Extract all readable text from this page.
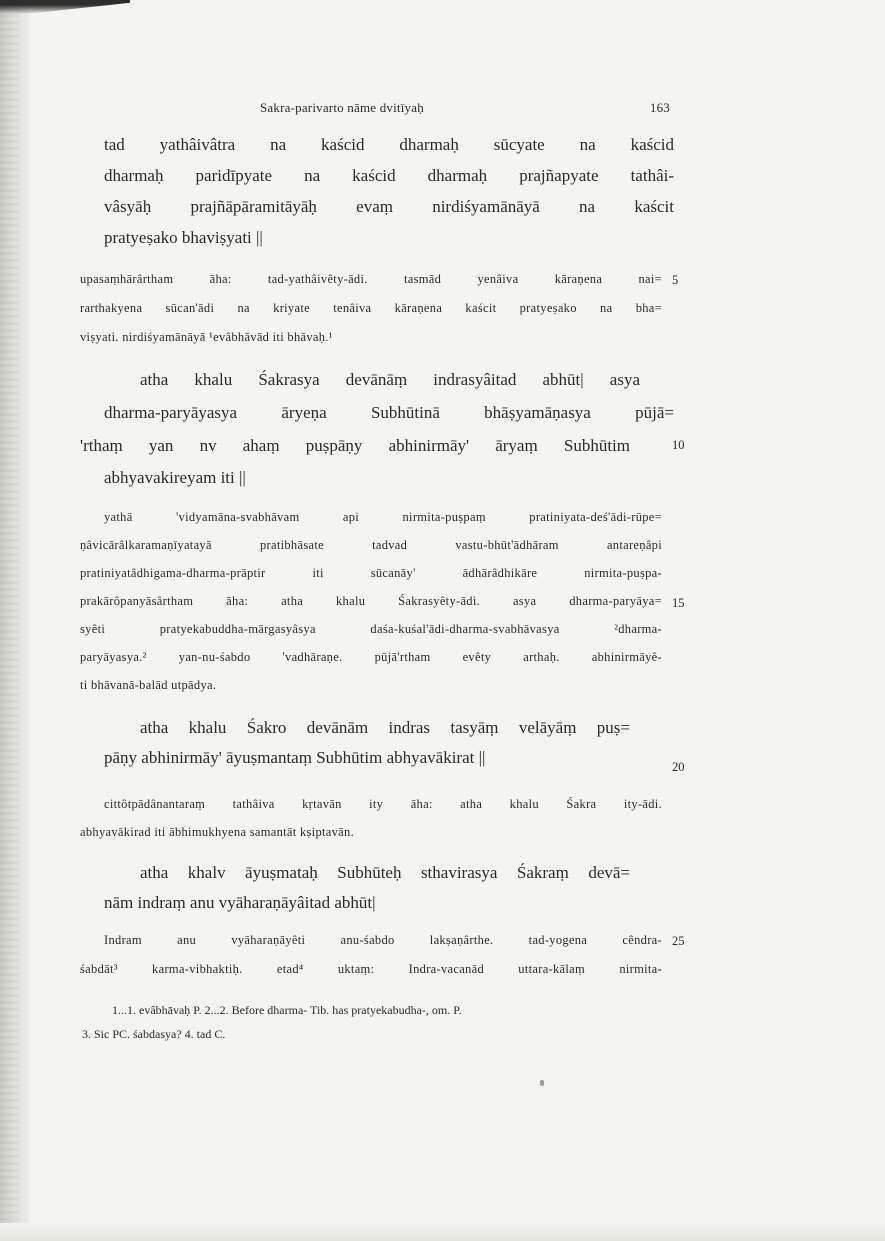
Sakra-parivarto nāme dvitīyaḥ	163
tad yathâivâtra na kaścid dharmaḥ sūcyate na kaścid
dharmaḥ paridīpyate na kaścid dharmaḥ prajñapyate tathâi-
vâsyāḥ prajñāpāramitāyāḥ evaṃ nirdiśyamānāyā na kaścit
pratyeṣako bhaviṣyati ||
upasaṃhārârtham āha: tad-yathâivêty-ādi. tasmād yenâiva kāraṇena nai=
rarthakyena sūcan'ādi na kriyate tenâiva kāraṇena kaścit pratyeṣako na bha=
viṣyati. nirdiśyamānāyā ¹evâbhāvād iti bhāvaḥ.¹
5
atha khalu Śakrasya devānāṃ indrasyâitad abhūt| asya
dharma-paryāyasya āryeṇa Subhūtinā bhāṣyamāṇasya pūjā=
'rthaṃ yan nv ahaṃ puṣpāṇy abhinirmāy' āryaṃ Subhūtim
abhyavakireyam iti ||
10
yathā 'vidyamāna-svabhāvam api nirmita-puṣpaṃ pratiniyata-deś'ādi-rūpe=
ṇâvicārâlkaramaṇīyatayā pratibhāsate tadvad vastu-bhūt'ādhāram antareṇâpi
pratiniyatâdhigama-dharma-prāptir iti sūcanāy' ādhārâdhikāre nirmita-puṣpa-
prakārôpanyāsârtham āha: atha khalu Śakrasyêty-ādi. asya dharma-paryāya=
syêti pratyekabuddha-mārgasyâsya daśa-kuśal'ādi-dharma-svabhāvasya ²dharma-
paryāyasya.² yan-nu-śabdo 'vadhāraṇe. pūjā'rtham evêty arthaḥ. abhinirmāyê-
ti bhāvanā-balād utpādya.
15
atha khalu Śakro devānām indras tasyāṃ velāyāṃ puṣ=
pāṇy abhinirmāy' āyuṣmantaṃ Subhūtim abhyavākirat ||	20
cittôtpādânantaraṃ tathâiva kṛtavān ity āha: atha khalu Śakra ity-ādi.
abhyavākirad iti ābhimukhyena samantāt kṣiptavān.
atha khalv āyuṣmataḥ Subhūteḥ sthavirasya Śakraṃ devā=
nām indraṃ anu vyāharaṇāyâitad abhūt|
Indram anu vyāharaṇāyêti anu-śabdo lakṣaṇârthe. tad-yogena cêndra-
śabdāt³ karma-vibhaktiḥ. etad⁴ uktaṃ: Indra-vacanād uttara-kālaṃ nirmita-
25
1...1. evâbhāvaḥ P. 2...2. Before dharma- Tib. has pratyekabudha-, om. P.
3. Sic PC. śabdasya? 4. tad C.
